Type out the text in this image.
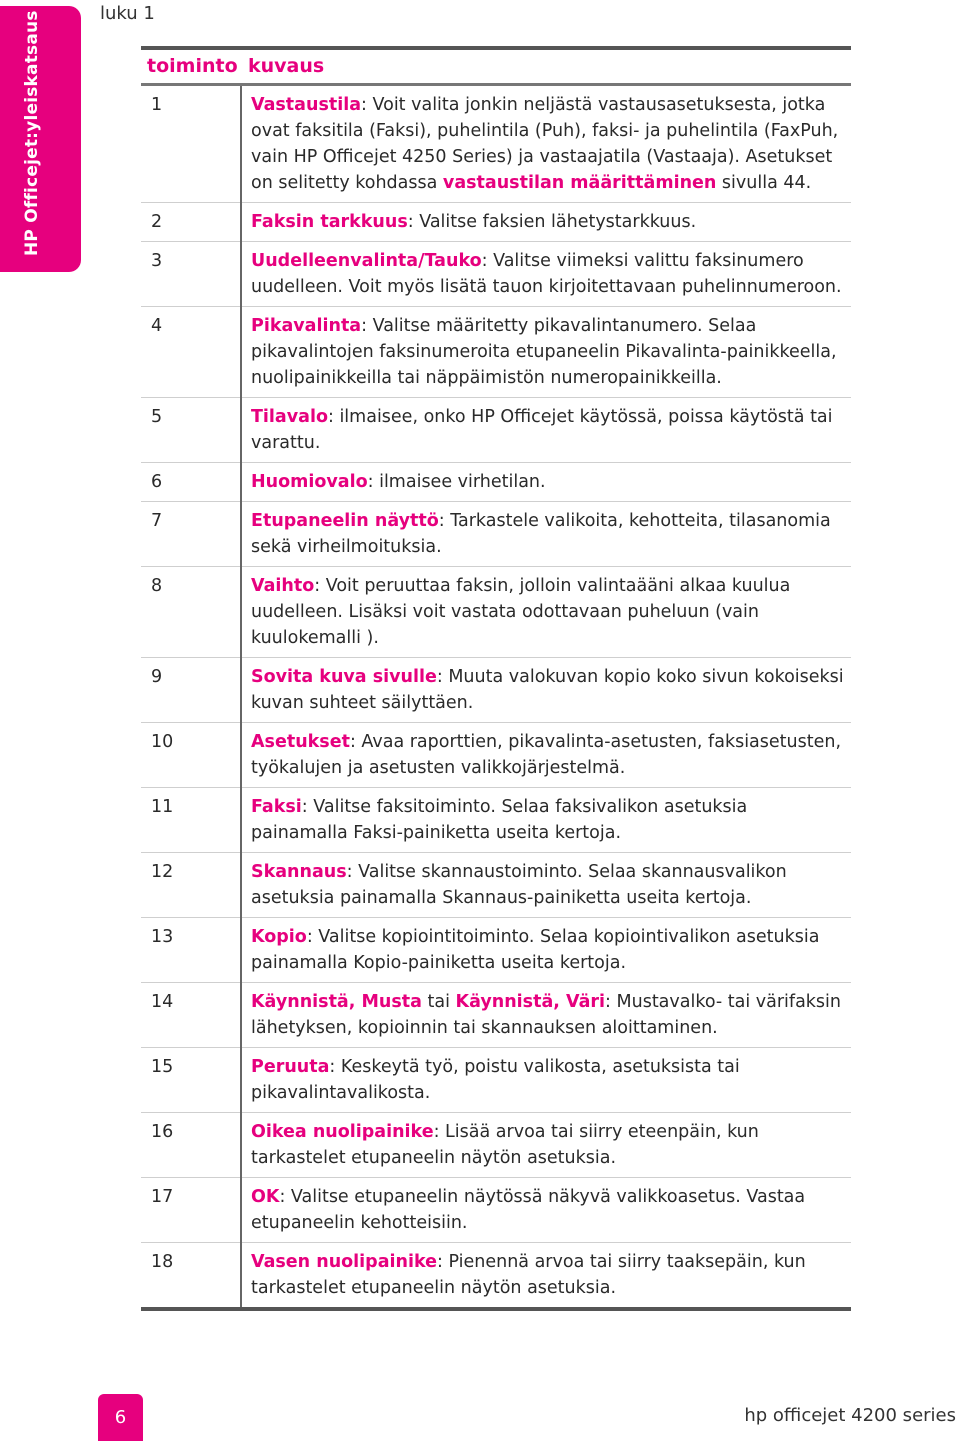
HP Officejet:yleiskatsaus	luku 1
toiminto kuvaus
1	Vastaustila: Voit valita jonkin neljästä vastausasetuksesta, jotka ovat faksitila (Faksi), puhelintila (Puh), faksi- ja puhelintila (FaxPuh, vain HP Officejet 4250 Series) ja vastaajatila (Vastaaja). Asetukset on selitetty kohdassa vastaustilan määrittäminen sivulla 44.
2	Faksin tarkkuus: Valitse faksien lähetystarkkuus.
3	Uudelleenvalinta/Tauko: Valitse viimeksi valittu faksinumero uudelleen. Voit myös lisätä tauon kirjoitettavaan puhelinnumeroon.
4	Pikavalinta: Valitse määritetty pikavalintanumero. Selaa pikavalintojen faksinumeroita etupaneelin Pikavalinta-painikkeella, nuolipainikkeilla tai näppäimistön numeropainikkeilla.
5	Tilavalo: ilmaisee, onko HP Officejet käytössä, poissa käytöstä tai varattu.
6	Huomiovalo: ilmaisee virhetilan.
7	Etupaneelin näyttö: Tarkastele valikoita, kehotteita, tilasanomia sekä virheilmoituksia.
8	Vaihto: Voit peruuttaa faksin, jolloin valintaääni alkaa kuulua uudelleen. Lisäksi voit vastata odottavaan puheluun (vain kuulokemalli ).
9	Sovita kuva sivulle: Muuta valokuvan kopio koko sivun kokoiseksi kuvan suhteet säilyttäen.
10	Asetukset: Avaa raporttien, pikavalinta-asetusten, faksiasetusten, työkalujen ja asetusten valikkojärjestelmä.
11	Faksi: Valitse faksitoiminto. Selaa faksivalikon asetuksia painamalla Faksi-painiketta useita kertoja.
12	Skannaus: Valitse skannaustoiminto. Selaa skannausvalikon asetuksia painamalla Skannaus-painiketta useita kertoja.
13	Kopio: Valitse kopiointitoiminto. Selaa kopiointivalikon asetuksia painamalla Kopio-painiketta useita kertoja.
14	Käynnistä, Musta tai Käynnistä, Väri: Mustavalko- tai värifaksin lähetyksen, kopioinnin tai skannauksen aloittaminen.
15	Peruuta: Keskeytä työ, poistu valikosta, asetuksista tai pikavalintavalikosta.
16	Oikea nuolipainike: Lisää arvoa tai siirry eteenpäin, kun tarkastelet etupaneelin näytön asetuksia.
17	OK: Valitse etupaneelin näytössä näkyvä valikkoasetus. Vastaa etupaneelin kehotteisiin.
18	Vasen nuolipainike: Pienennä arvoa tai siirry taaksepäin, kun tarkastelet etupaneelin näytön asetuksia.
6	hp officejet 4200 series
